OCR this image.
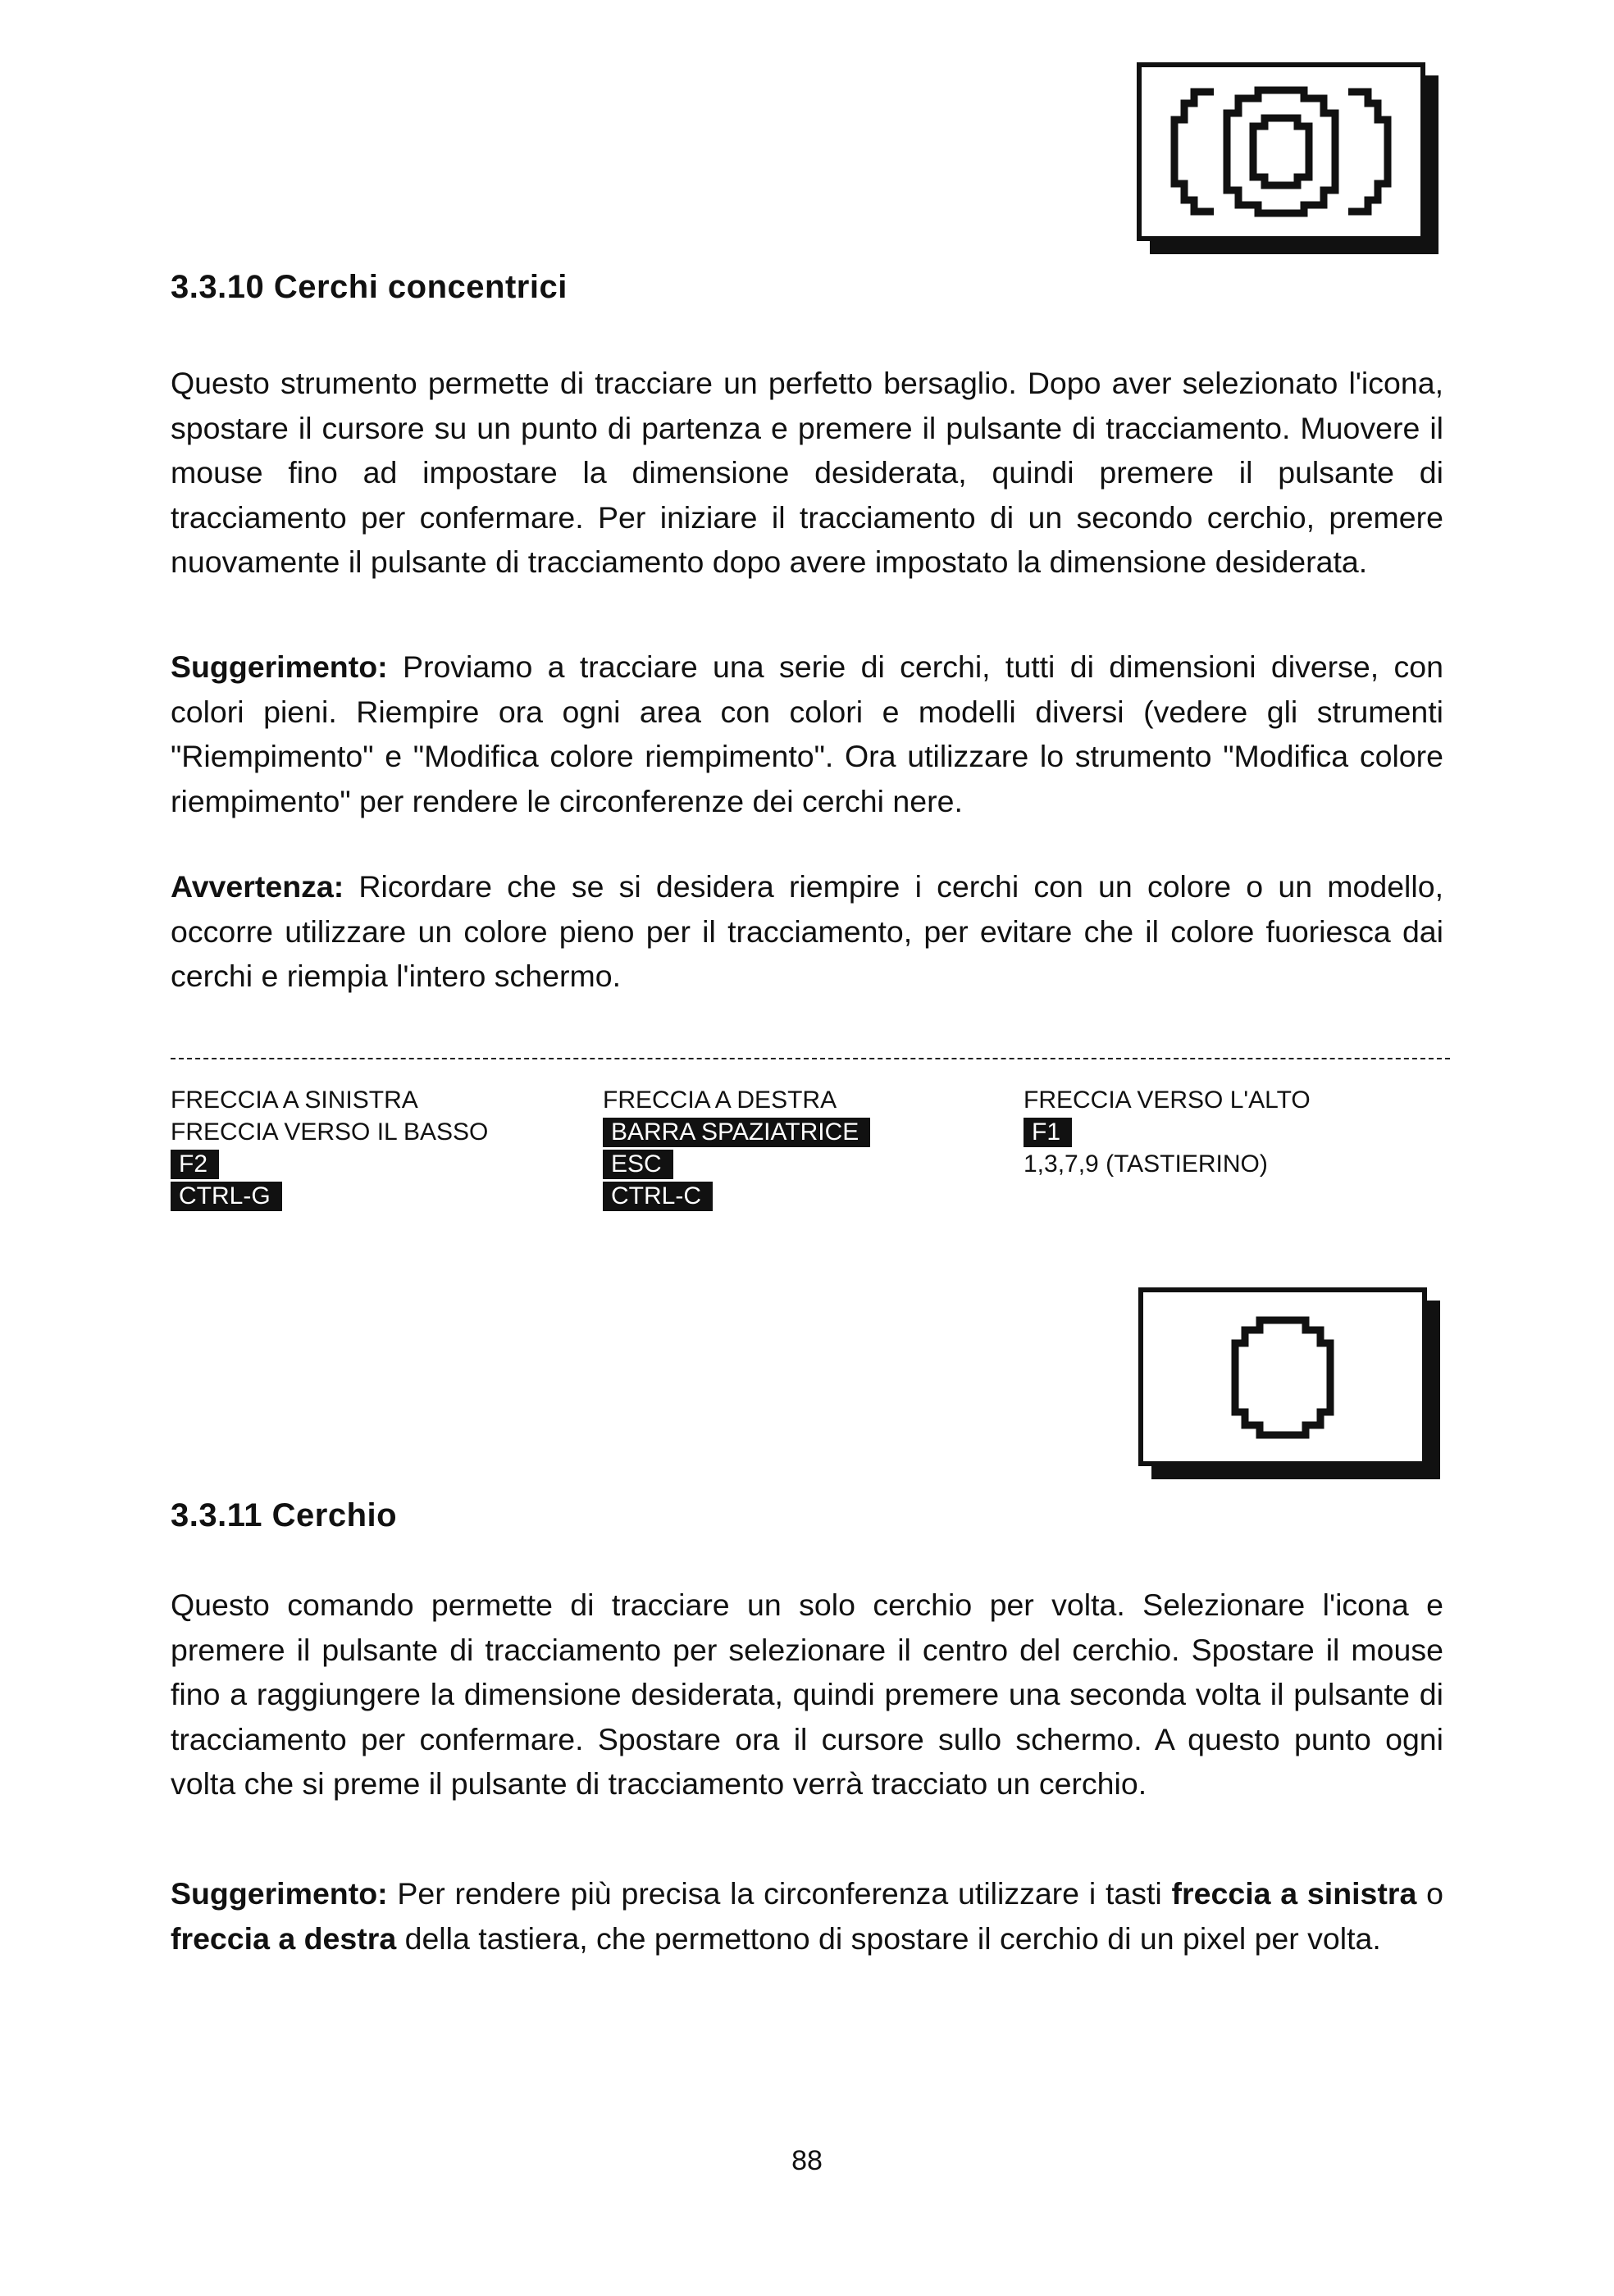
3.3.10 Cerchi concentrici
Questo strumento permette di tracciare un perfetto bersaglio. Dopo aver selezionato l'icona, spostare il cursore su un punto di partenza e premere il pulsante di tracciamento. Muovere il mouse fino ad impostare la dimensione desiderata, quindi premere il pulsante di tracciamento per confermare. Per iniziare il tracciamento di un secondo cerchio, premere nuovamente il pulsante di tracciamento dopo avere impostato la dimensione desiderata.
Suggerimento: Proviamo a tracciare una serie di cerchi, tutti di dimensioni diverse, con colori pieni. Riempire ora ogni area con colori e modelli diversi (vedere gli strumenti "Riempimento" e "Modifica colore riempimento". Ora utilizzare lo strumento "Modifica colore riempimento" per rendere le circonferenze dei cerchi nere.
Avvertenza: Ricordare che se si desidera riempire i cerchi con un colore o un modello, occorre utilizzare un colore pieno per il tracciamento, per evitare che il colore fuoriesca dai cerchi e riempia l'intero schermo.
FRECCIA A SINISTRA
FRECCIA VERSO IL BASSO
F2
CTRL-G
FRECCIA A DESTRA
BARRA SPAZIATRICE
ESC
CTRL-C
FRECCIA VERSO L'ALTO
F1
1,3,7,9 (TASTIERINO)
3.3.11 Cerchio
Questo comando permette di tracciare un solo cerchio per volta. Selezionare l'icona e premere il pulsante di tracciamento per selezionare il centro del cerchio. Spostare il mouse fino a raggiungere la dimensione desiderata, quindi premere una seconda volta il pulsante di tracciamento per confermare. Spostare ora il cursore sullo schermo. A questo punto ogni volta che si preme il pulsante di tracciamento verrà tracciato un cerchio.
Suggerimento: Per rendere più precisa la circonferenza utilizzare i tasti freccia a sinistra o freccia a destra della tastiera, che permettono di spostare il cerchio di un pixel per volta.
88
